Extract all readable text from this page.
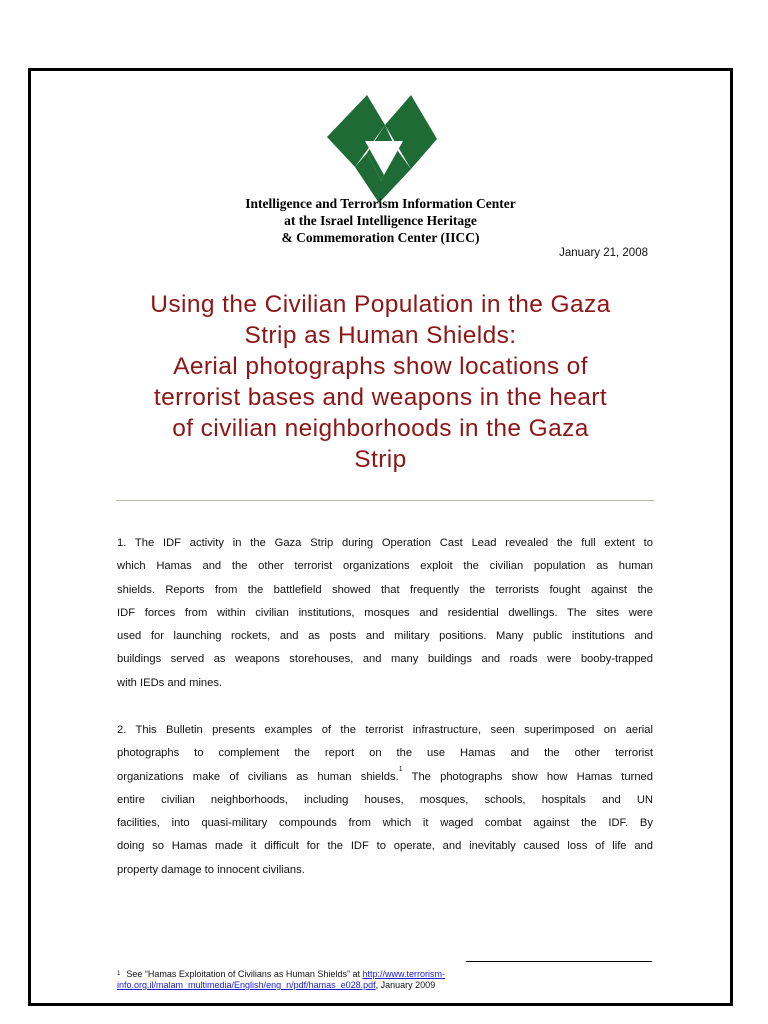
Intelligence and Terrorism Information Center
at the Israel Intelligence Heritage
& Commemoration Center (IICC)
January 21, 2008
Using the Civilian Population in the Gaza
Strip as Human Shields:
Aerial photographs show locations of
terrorist bases and weapons in the heart
of civilian neighborhoods in the Gaza
Strip
1. The IDF activity in the Gaza Strip during Operation Cast Lead revealed the full extent to
which Hamas and the other terrorist organizations exploit the civilian population as human
shields. Reports from the battlefield showed that frequently the terrorists fought against the
IDF forces from within civilian institutions, mosques and residential dwellings. The sites were
used for launching rockets, and as posts and military positions. Many public institutions and
buildings served as weapons storehouses, and many buildings and roads were booby-trapped
with IEDs and mines.
2. This Bulletin presents examples of the terrorist infrastructure, seen superimposed on aerial
photographs to complement the report on the use Hamas and the other terrorist
organizations make of civilians as human shields.$^1$ The photographs show how Hamas turned
entire civilian neighborhoods, including houses, mosques, schools, hospitals and UN
facilities, into quasi-military compounds from which it waged combat against the IDF. By
doing so Hamas made it difficult for the IDF to operate, and inevitably caused loss of life and
property damage to innocent civilians.
$^1$ See “Hamas Exploitation of Civilians as Human Shields” at http://www.terrorism-
info.org.il/malam_multimedia/English/eng_n/pdf/hamas_e028.pdf, January 2009
